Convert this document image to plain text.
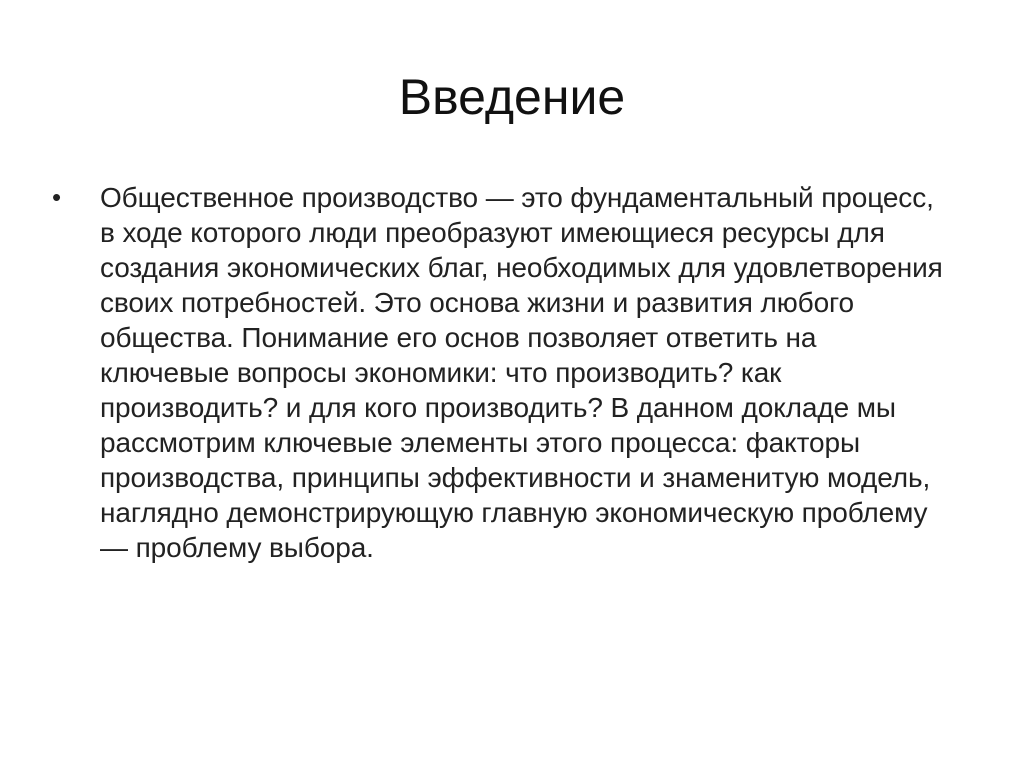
Введение
• Общественное производство — это фундаментальный процесс, в ходе которого люди преобразуют имеющиеся ресурсы для создания экономических благ, необходимых для удовлетворения своих потребностей. Это основа жизни и развития любого общества. Понимание его основ позволяет ответить на ключевые вопросы экономики: что производить? как производить? и для кого производить? В данном докладе мы рассмотрим ключевые элементы этого процесса: факторы производства, принципы эффективности и знаменитую модель, наглядно демонстрирующую главную экономическую проблему — проблему выбора.
